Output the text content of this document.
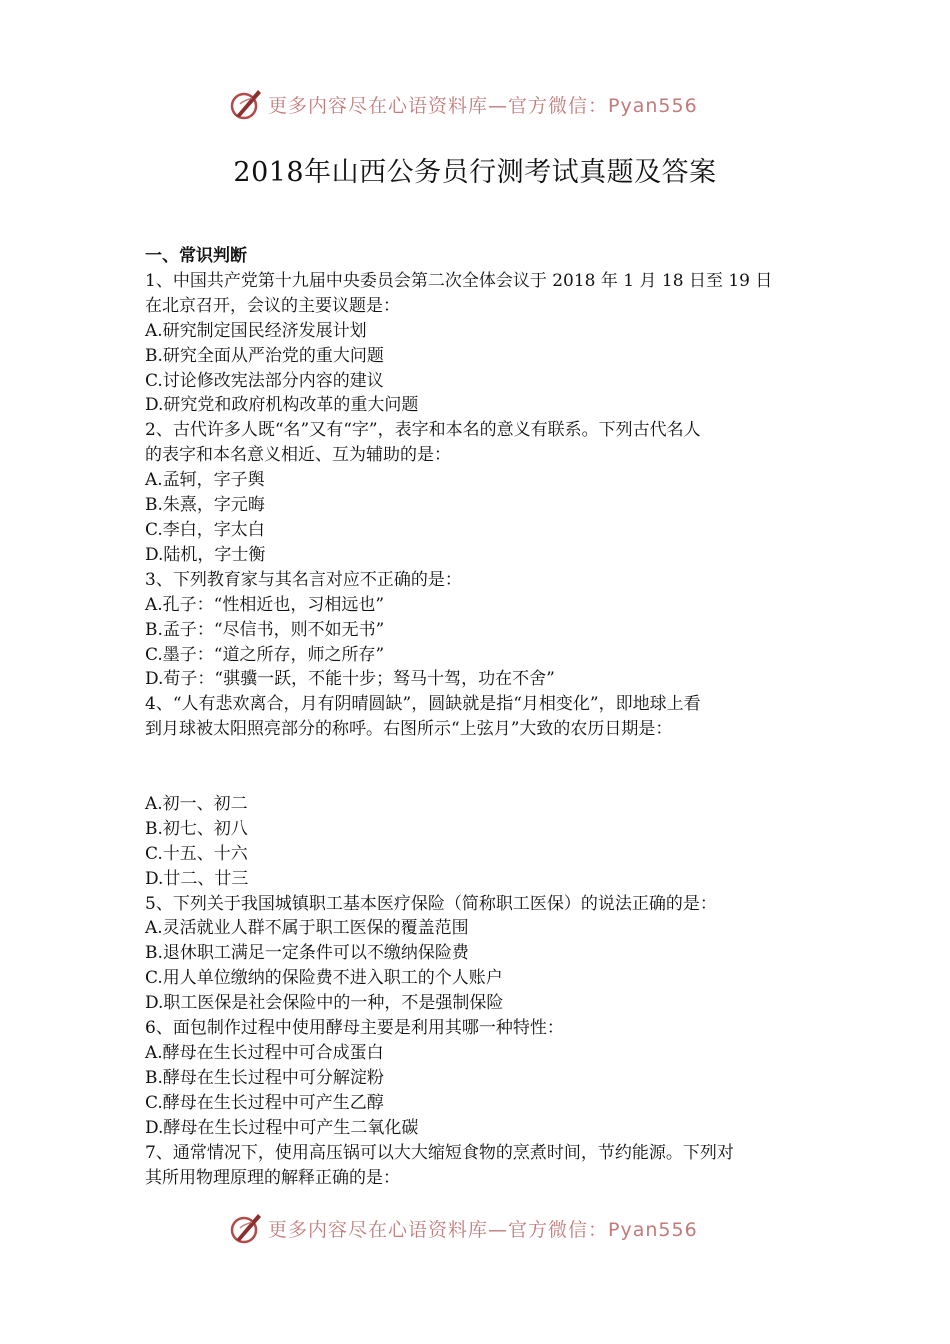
更多内容尽在心语资料库—官方微信：Pyan556
2018年山西公务员行测考试真题及答案

一、常识判断

1、中国共产党第十九届中央委员会第二次全体会议于 2018 年 1 月 18 日至 19 日

在北京召开，会议的主要议题是：

A.研究制定国民经济发展计划

B.研究全面从严治党的重大问题

C.讨论修改宪法部分内容的建议

D.研究党和政府机构改革的重大问题

2、古代许多人既“名”又有“字”，表字和本名的意义有联系。下列古代名人

的表字和本名意义相近、互为辅助的是：

A.孟轲，字子舆

B.朱熹，字元晦

C.李白，字太白

D.陆机，字士衡

3、下列教育家与其名言对应不正确的是：

A.孔子：“性相近也，习相远也”

B.孟子：“尽信书，则不如无书”

C.墨子：“道之所存，师之所存”

D.荀子：“骐骥一跃，不能十步；驽马十驾，功在不舍”

4、“人有悲欢离合，月有阴晴圆缺”，圆缺就是指“月相变化”，即地球上看

到月球被太阳照亮部分的称呼。右图所示“上弦月”大致的农历日期是：

A.初一、初二

B.初七、初八

C.十五、十六

D.廿二、廿三

5、下列关于我国城镇职工基本医疗保险（简称职工医保）的说法正确的是：

A.灵活就业人群不属于职工医保的覆盖范围

B.退休职工满足一定条件可以不缴纳保险费

C.用人单位缴纳的保险费不进入职工的个人账户

D.职工医保是社会保险中的一种，不是强制保险

6、面包制作过程中使用酵母主要是利用其哪一种特性：

A.酵母在生长过程中可合成蛋白

B.酵母在生长过程中可分解淀粉

C.酵母在生长过程中可产生乙醇

D.酵母在生长过程中可产生二氧化碳

7、通常情况下，使用高压锅可以大大缩短食物的烹煮时间，节约能源。下列对

其所用物理原理的解释正确的是：

更多内容尽在心语资料库—官方微信：Pyan556
